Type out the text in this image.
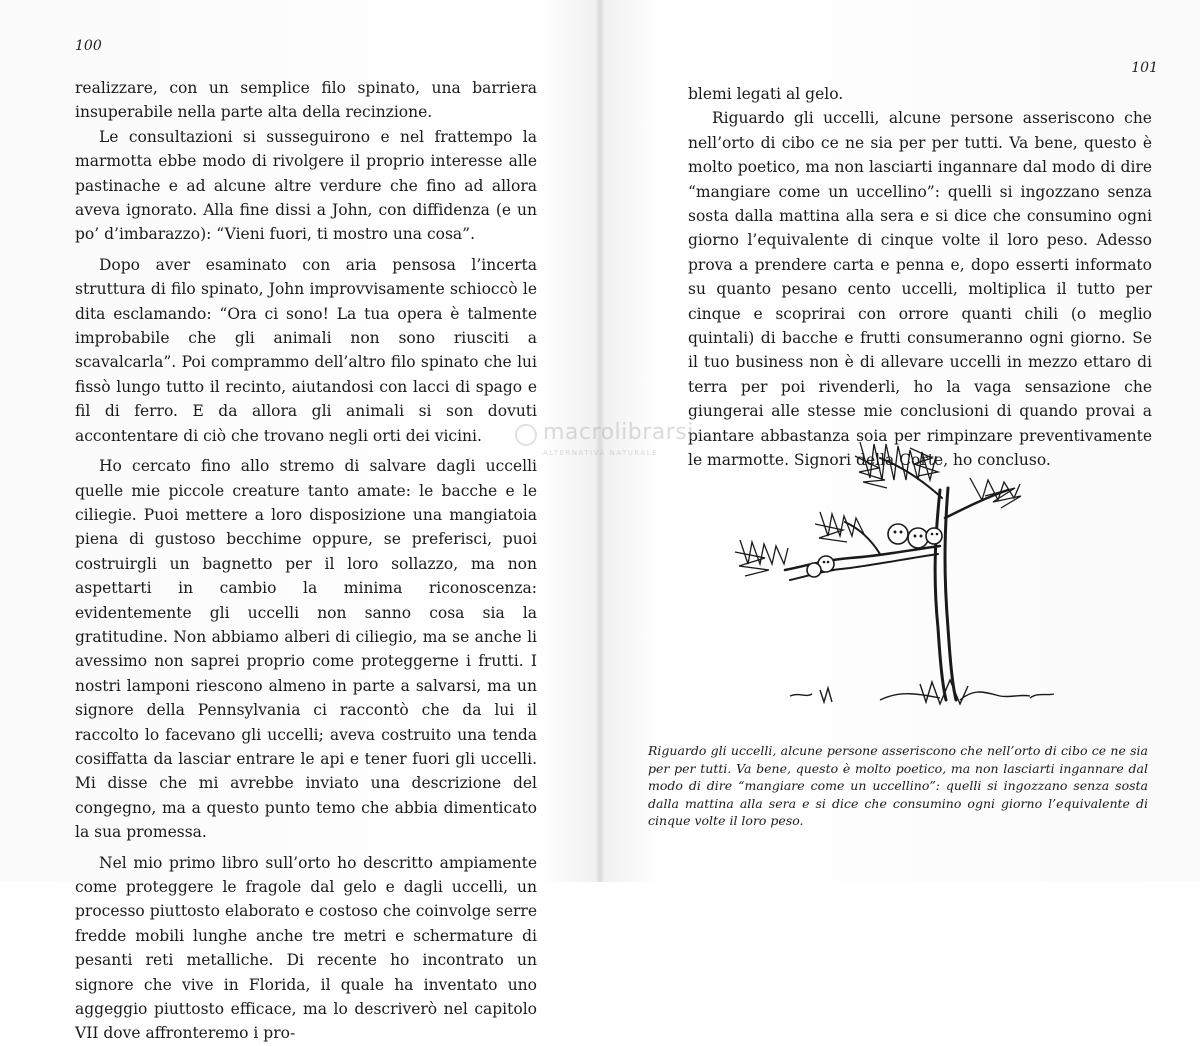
100

realizzare, con un semplice filo spinato, una barriera insuperabile nella parte alta della recinzione.

Le consultazioni si susseguirono e nel frattempo la marmotta ebbe modo di rivolgere il proprio interesse alle pastinache e ad alcune altre verdure che fino ad allora aveva ignorato. Alla fine dissi a John, con diffidenza (e un po’ d’imbarazzo): “Vieni fuori, ti mostro una cosa”.

Dopo aver esaminato con aria pensosa l’incerta struttura di filo spinato, John improvvisamente schioccò le dita esclamando: “Ora ci sono! La tua opera è talmente improbabile che gli animali non sono riusciti a scavalcarla”. Poi comprammo dell’altro filo spinato che lui fissò lungo tutto il recinto, aiutandosi con lacci di spago e fil di ferro. E da allora gli animali si son dovuti accontentare di ciò che trovano negli orti dei vicini.

Ho cercato fino allo stremo di salvare dagli uccelli quelle mie piccole creature tanto amate: le bacche e le ciliegie. Puoi mettere a loro disposizione una mangiatoia piena di gustoso becchime oppure, se preferisci, puoi costruirgli un bagnetto per il loro sollazzo, ma non aspettarti in cambio la minima riconoscenza: evidentemente gli uccelli non sanno cosa sia la gratitudine. Non abbiamo alberi di ciliegio, ma se anche li avessimo non saprei proprio come proteggerne i frutti. I nostri lamponi riescono almeno in parte a salvarsi, ma un signore della Pennsylvania ci raccontò che da lui il raccolto lo facevano gli uccelli; aveva costruito una tenda cosiffatta da lasciar entrare le api e tener fuori gli uccelli. Mi disse che mi avrebbe inviato una descrizione del congegno, ma a questo punto temo che abbia dimenticato la sua promessa.

Nel mio primo libro sull’orto ho descritto ampiamente come proteggere le fragole dal gelo e dagli uccelli, un processo piuttosto elaborato e costoso che coinvolge serre fredde mobili lunghe anche tre metri e schermature di pesanti reti metalliche. Di recente ho incontrato un signore che vive in Florida, il quale ha inventato uno aggeggio piuttosto efficace, ma lo descriverò nel capitolo VII dove affronteremo i pro-

101

blemi legati al gelo.

Riguardo gli uccelli, alcune persone asseriscono che nell’orto di cibo ce ne sia per per tutti. Va bene, questo è molto poetico, ma non lasciarti ingannare dal modo di dire “mangiare come un uccellino”: quelli si ingozzano senza sosta dalla mattina alla sera e si dice che consumino ogni giorno l’equivalente di cinque volte il loro peso. Adesso prova a prendere carta e penna e, dopo esserti informato su quanto pesano cento uccelli, moltiplica il tutto per cinque e scoprirai con orrore quanti chili (o meglio quintali) di bacche e frutti consumeranno ogni giorno. Se il tuo business non è di allevare uccelli in mezzo ettaro di terra per poi rivenderli, ho la vaga sensazione che giungerai alle stesse mie conclusioni di quando provai a piantare abbastanza soia per rimpinzare preventivamente le marmotte. Signori della Corte, ho concluso.

Riguardo gli uccelli, alcune persone asseriscono che nell’orto di cibo ce ne sia per per tutti. Va bene, questo è molto poetico, ma non lasciarti ingannare dal modo di dire “mangiare come un uccellino”: quelli si ingozzano senza sosta dalla mattina alla sera e si dice che consumino ogni giorno l’equivalente di cinque volte il loro peso.
macrolibrarsi
ALTERNATIVA NATURALE
